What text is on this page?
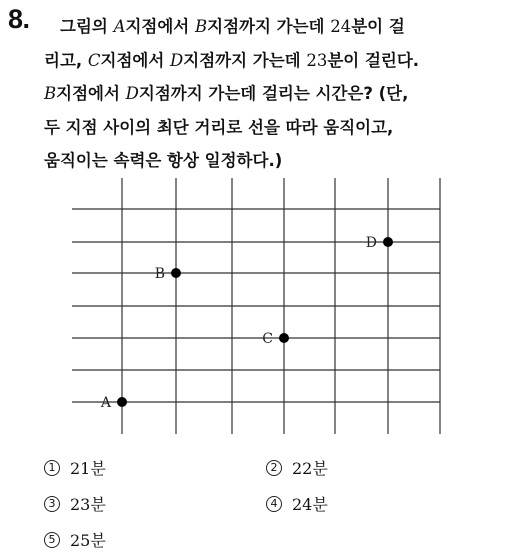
8.	그림의 A지점에서 B지점까지 가는데 24분이 걸
리고, C지점에서 D지점까지 가는데 23분이 걸린다.
B지점에서 D지점까지 가는데 걸리는 시간은? (단,
두 지점 사이의 최단 거리로 선을 따라 움직이고,
움직이는 속력은 항상 일정하다.)
A
B
C
D
1 21분	2 22분
3 23분	4 24분
5 25분
